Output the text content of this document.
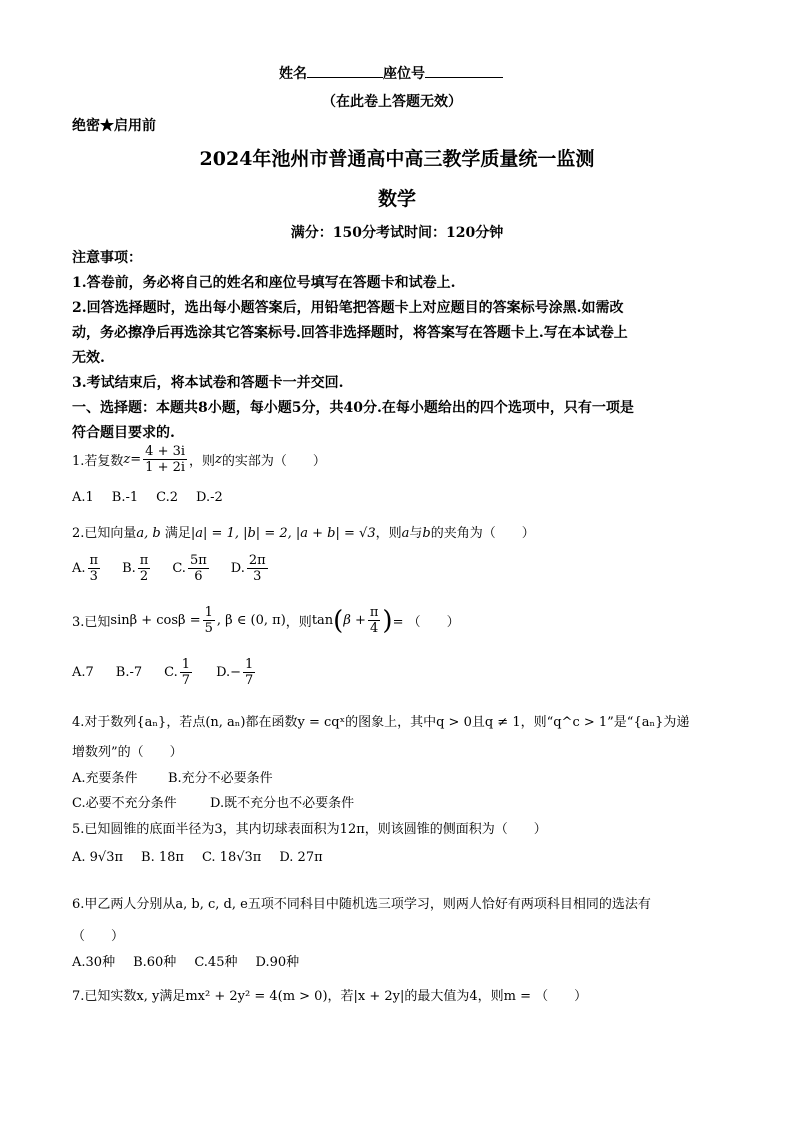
姓名	座位号
（在此卷上答题无效）
绝密★启用前
2024年池州市普通高中高三教学质量统一监测
数学
满分：150分考试时间：120分钟
注意事项：
1.答卷前，务必将自己的姓名和座位号填写在答题卡和试卷上.
2.回答选择题时，选出每小题答案后，用铅笔把答题卡上对应题目的答案标号涂黑.如需改
动，务必擦净后再选涂其它答案标号.回答非选择题时，将答案写在答题卡上.写在本试卷上
无效.
3.考试结束后，将本试卷和答题卡一并交回.
一、选择题：本题共8小题，每小题5分，共40分.在每小题给出的四个选项中，只有一项是
符合题目要求的.
1.若复数 $z = \frac{4 + 3i}{1 + 2i}$ ，则 z 的实部为（　　）
A.1 B.-1 C.2 D.-2
2.已知向量a, b 满足|a| = 1, |b| = 2, |a + b| = √3，则a与b的夹角为（　　）
A. $\frac{\pi}{3} B$. $\frac{\pi}{2} C$. $\frac{5\pi}{6} D$. $\frac{2\pi}{3}$
3.已知 $\sin\beta + \cos\beta = \frac{1}{5}$ , β ∈ (0, π) ，则 tan ( $\beta + \frac{\pi}{4}$ ) = （　　）
A.7 B.-7 C. $\frac{1}{7} D.- \frac{1}{7}$
4.对于数列{aₙ}，若点(n, aₙ)都在函数y = cqˣ的图象上，其中q > 0且q ≠ 1，则“q^c > 1”是“{aₙ}为递
增数列”的（　　）
A.充要条件 B.充分不必要条件
C.必要不充分条件	D.既不充分也不必要条件
5.已知圆锥的底面半径为3，其内切球表面积为12π，则该圆锥的侧面积为（　　）
A. 9√3π B. 18π C. 18√3π D. 27π
6.甲乙两人分别从a, b, c, d, e五项不同科目中随机选三项学习，则两人恰好有两项科目相同的选法有
（　　）
A.30种 B.60种 C.45种 D.90种
7.已知实数x, y满足mx² + 2y² = 4(m > 0)，若|x + 2y|的最大值为4，则m = （　　）
